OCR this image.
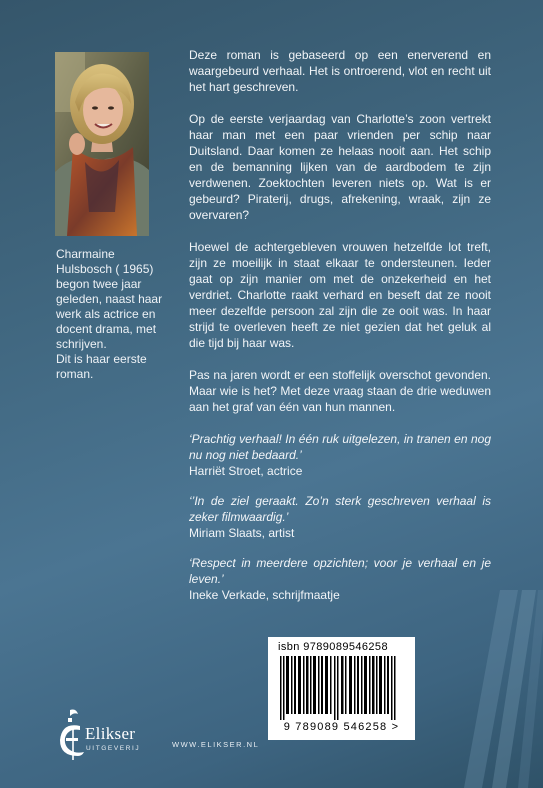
Charmaine
Hulsbosch ( 1965)
begon twee jaar
geleden, naast haar
werk als actrice en
docent drama, met
schrijven.
Dit is haar eerste
roman.

Deze roman is gebaseerd op een enerverend en waargebeurd verhaal. Het is ontroerend, vlot en recht uit het hart geschreven.

Op de eerste verjaardag van Charlotte’s zoon vertrekt haar man met een paar vrienden per schip naar Duitsland. Daar komen ze helaas nooit aan. Het schip en de bemanning lijken van de aardbodem te zijn verdwenen. Zoektochten leveren niets op. Wat is er gebeurd? Piraterij, drugs, afrekening, wraak, zijn ze overvaren?

Hoewel de achtergebleven vrouwen hetzelfde lot treft, zijn ze moeilijk in staat elkaar te ondersteunen. Ieder gaat op zijn manier om met de onzekerheid en het verdriet. Charlotte raakt verhard en beseft dat ze nooit meer dezelfde persoon zal zijn die ze ooit was. In haar strijd te overleven heeft ze niet gezien dat het geluk al die tijd bij haar was.

Pas na jaren wordt er een stoffelijk overschot gevonden. Maar wie is het? Met deze vraag staan de drie weduwen aan het graf van één van hun mannen.

‘Prachtig verhaal! In één ruk uitgelezen, in tranen en nog nu nog niet bedaard.’

Harriët Stroet, actrice

‘’In de ziel geraakt. Zo’n sterk geschreven verhaal is zeker filmwaardig.’

Miriam Slaats, artist

‘Respect in meerdere opzichten; voor je verhaal en je leven.’

Ineke Verkade, schrijfmaatje

isbn 9789089546258
9 789089 546258 >
Elikser
UITGEVERIJ	WWW.ELIKSER.NL
